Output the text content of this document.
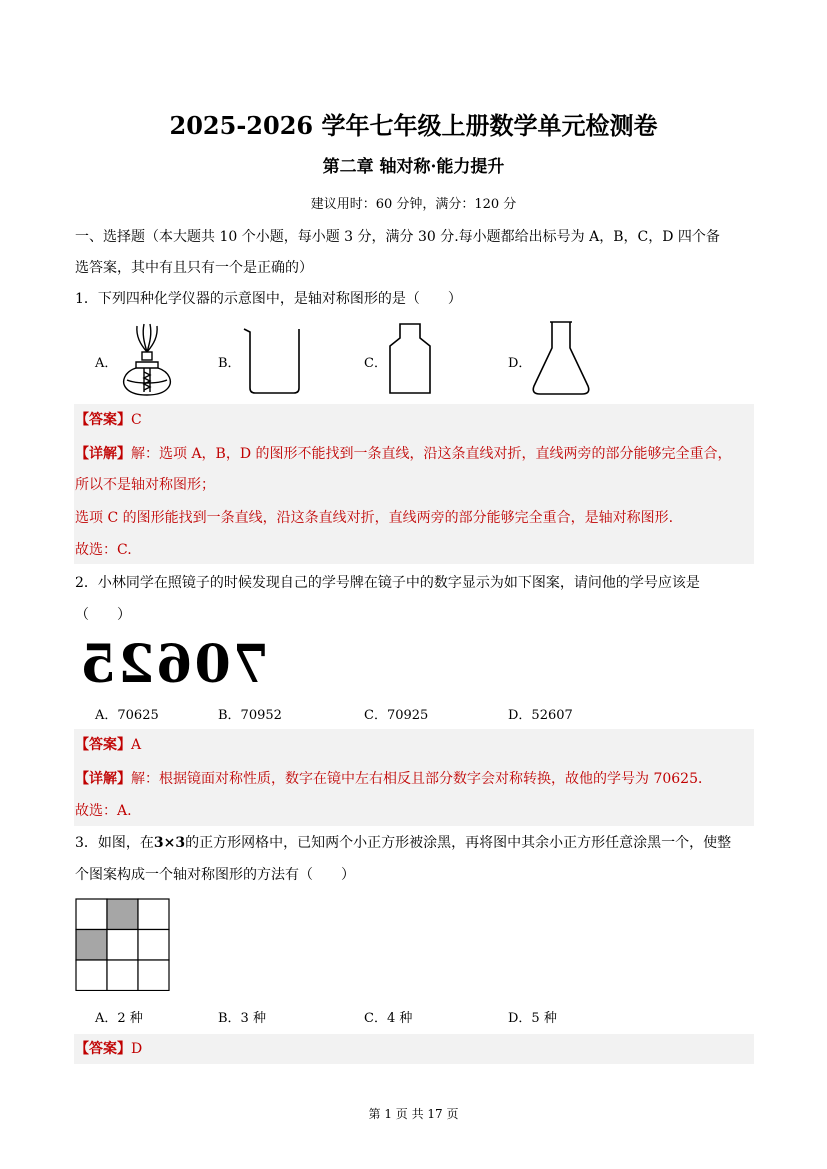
2025-2026 学年七年级上册数学单元检测卷
第二章 轴对称·能力提升
建议用时：60 分钟，满分：120 分
一、选择题（本大题共 10 个小题，每小题 3 分，满分 30 分.每小题都给出标号为 A，B，C，D 四个备
选答案，其中有且只有一个是正确的）
1．下列四种化学仪器的示意图中，是轴对称图形的是（　　）
A．	B．	C．	D．
【答案】C
【详解】解：选项 A，B，D 的图形不能找到一条直线，沿这条直线对折，直线两旁的部分能够完全重合，
所以不是轴对称图形；
选项 C 的图形能找到一条直线，沿这条直线对折，直线两旁的部分能够完全重合，是轴对称图形.
故选：C.
2．小林同学在照镜子的时候发现自己的学号牌在镜子中的数字显示为如下图案，请问他的学号应该是
（　　）
70625
A．70625	B．70952	C．70925	D．52607
【答案】A
【详解】解：根据镜面对称性质，数字在镜中左右相反且部分数字会对称转换，故他的学号为 70625．
故选：A.
3．如图，在3×3的正方形网格中，已知两个小正方形被涂黑，再将图中其余小正方形任意涂黑一个，使整
个图案构成一个轴对称图形的方法有（　　）
A．2 种	B．3 种	C．4 种	D．5 种
【答案】D
第 1 页 共 17 页
